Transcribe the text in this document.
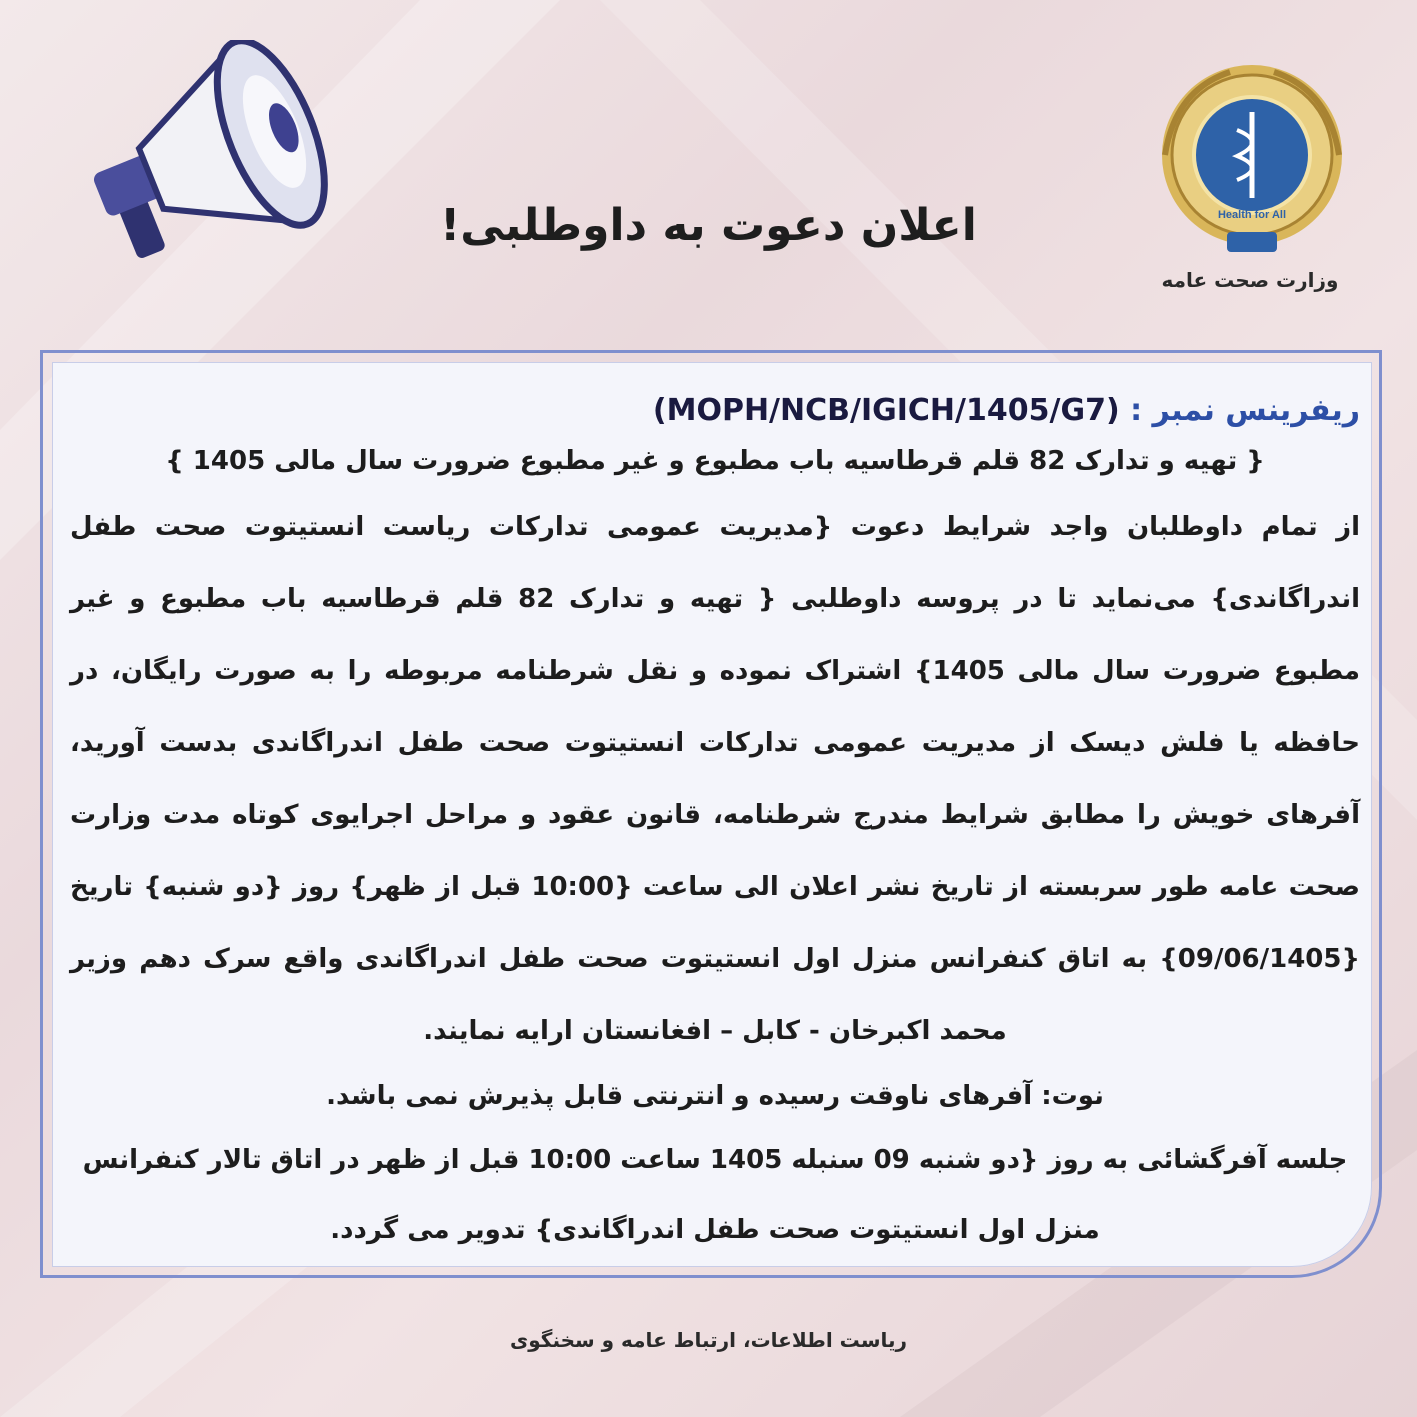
اعلان دعوت به داوطلبی!	Health for All
وزارت صحت عامه
ریفرینس نمبر : (MOPH/NCB/IGICH/1405/G7)
{ تهیه و تدارک 82 قلم قرطاسیه باب مطبوع و غیر مطبوع ضرورت سال مالی 1405 }
از تمام داوطلبان واجد شرایط دعوت {مدیریت عمومی تدارکات ریاست انستیتوت صحت طفل اندراگاندی} می‌نماید تا در پروسه داوطلبی { تهیه و تدارک 82 قلم قرطاسیه باب مطبوع و غیر مطبوع ضرورت سال مالی 1405} اشتراک نموده و نقل شرطنامه مربوطه را به صورت رایگان، در حافظه یا فلش دیسک از مدیریت عمومی تدارکات انستیتوت صحت طفل اندراگاندی بدست آورید، آفرهای خویش را مطابق شرایط مندرج شرطنامه، قانون عقود و مراحل اجرایوی کوتاه مدت وزارت صحت عامه طور سربسته از تاریخ نشر اعلان الی ساعت {10:00 قبل از ظهر} روز {دو شنبه} تاریخ {09/06/1405} به اتاق کنفرانس منزل اول انستیتوت صحت طفل اندراگاندی واقع سرک دهم وزیر محمد اکبرخان - کابل – افغانستان ارایه نمایند.
نوت: آفرهای ناوقت رسیده و انترنتی قابل پذیرش نمی باشد.
جلسه آفرگشائی به روز {دو شنبه 09 سنبله 1405 ساعت 10:00 قبل از ظهر در اتاق تالار کنفرانس منزل اول انستیتوت صحت طفل اندراگاندی} تدویر می گردد.
ریاست اطلاعات، ارتباط عامه و سخنگوی
